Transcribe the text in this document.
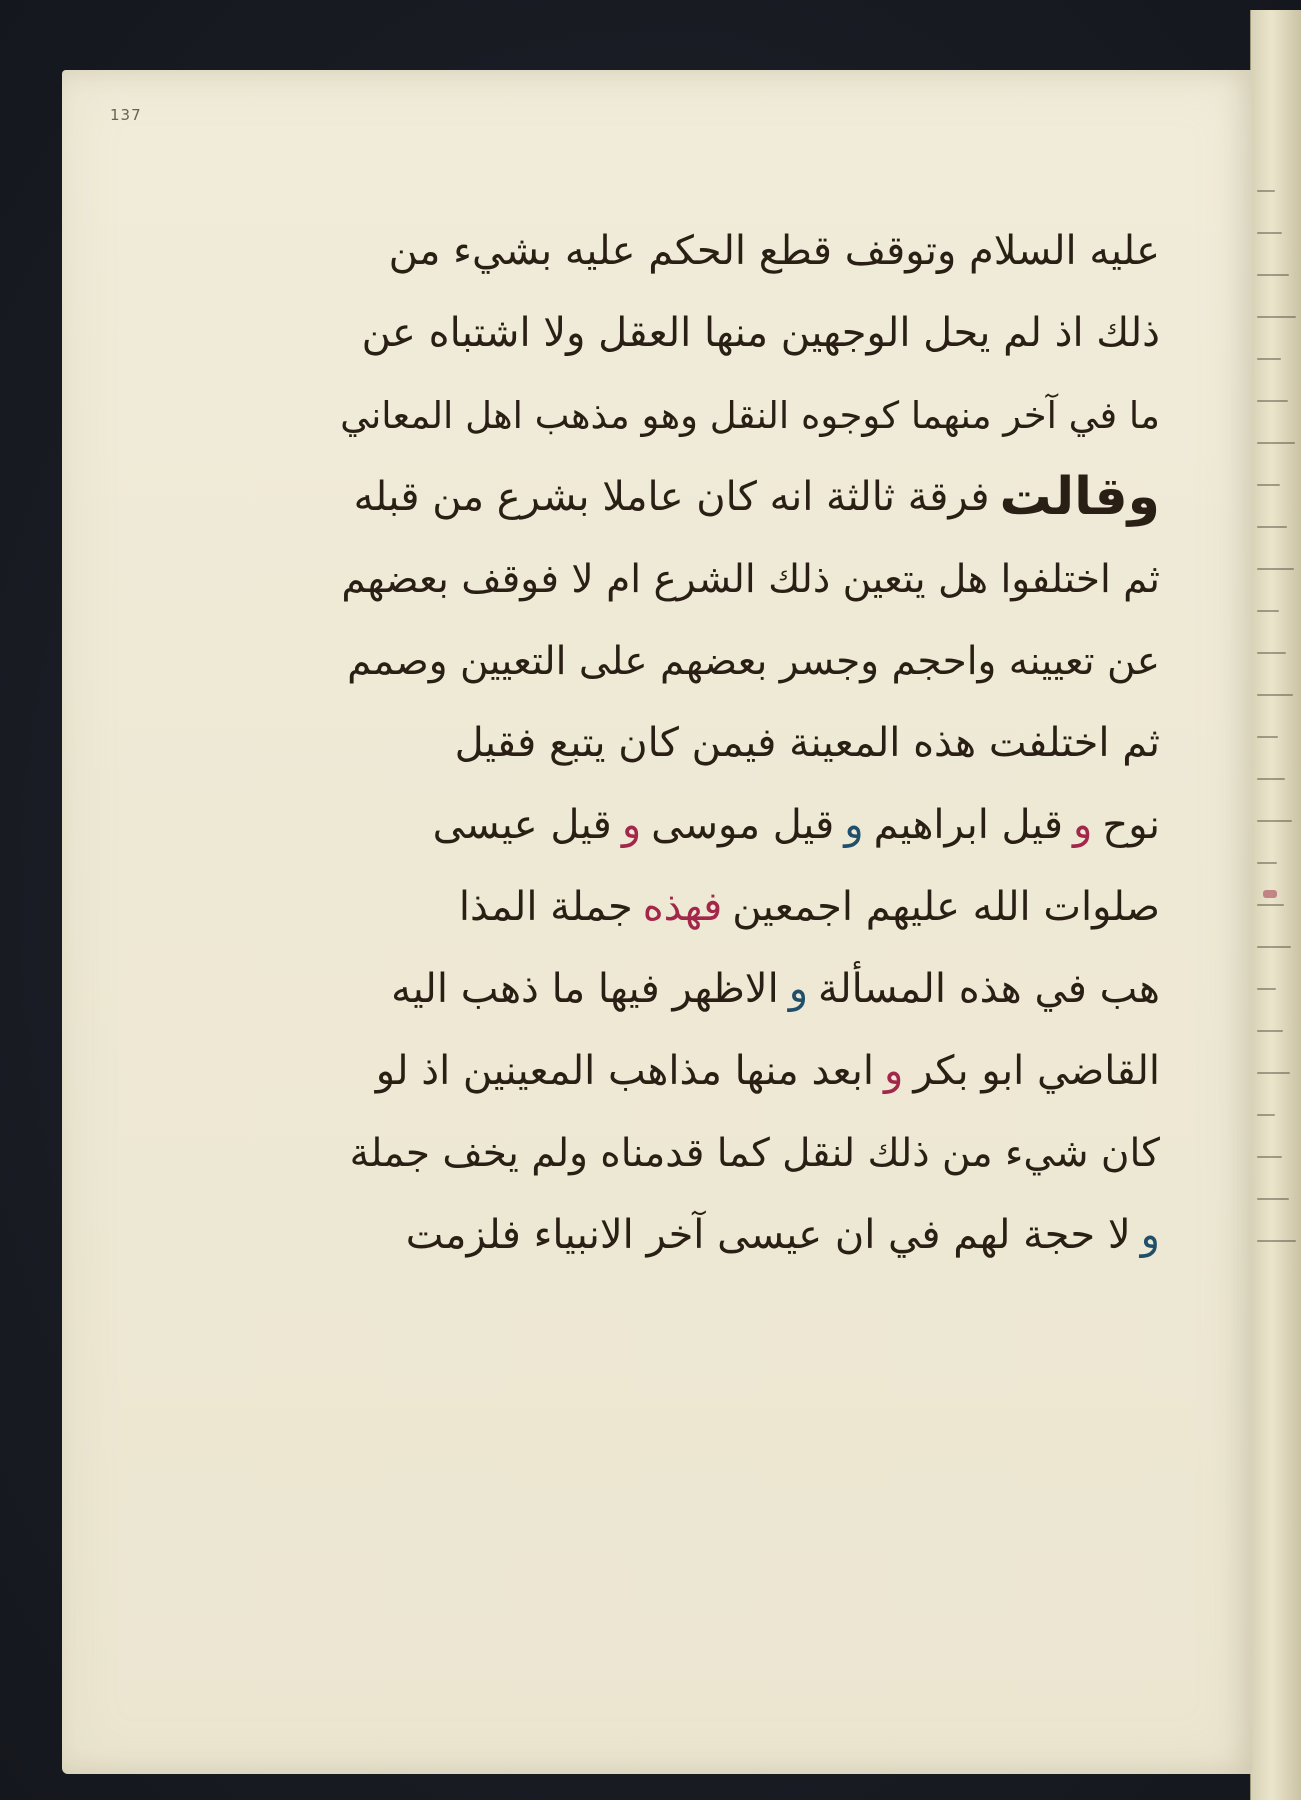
137
عليه السلام وتوقف قطع الحكم عليه بشيء من
ذلك اذ لم يحل الوجهين منها العقل ولا اشتباه عن
ما في آخر منهما كوجوه النقل وهو مذهب اهل المعاني
وقالت
فرقة ثالثة انه كان عاملا بشرع من قبله
ثم اختلفوا هل يتعين ذلك الشرع ام لا فوقف بعضهم
عن تعيينه واحجم وجسر بعضهم على التعيين وصمم
ثم اختلفت هذه المعينة فيمن كان يتبع فقيل
نوح
و
قيل ابراهيم
و
قيل موسى
و
قيل عيسى
صلوات الله عليهم اجمعين
فهذه
جملة المذا
هب في هذه المسألة
و
الاظهر فيها ما ذهب اليه
القاضي ابو بكر
و
ابعد منها مذاهب المعينين اذ لو
كان شيء من ذلك لنقل كما قدمناه ولم يخف جملة
و
لا حجة لهم في ان عيسى آخر الانبياء فلزمت
